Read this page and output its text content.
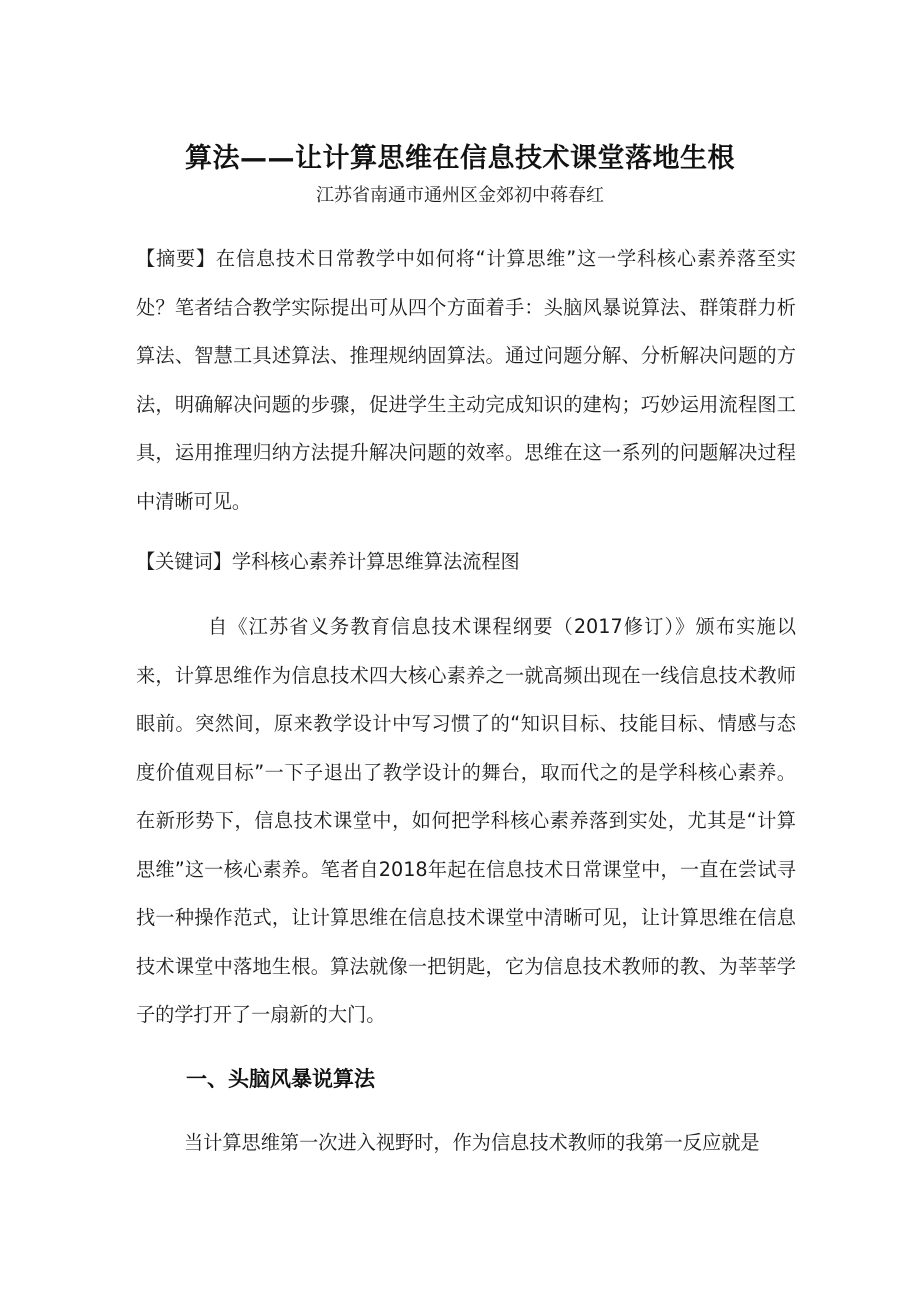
算法——让计算思维在信息技术课堂落地生根
江苏省南通市通州区金郊初中蒋春红

【摘要】在信息技术日常教学中如何将“计算思维”这一学科核心素养落至实处？笔者结合教学实际提出可从四个方面着手：头脑风暴说算法、群策群力析算法、智慧工具述算法、推理规纳固算法。通过问题分解、分析解决问题的方法，明确解决问题的步骤，促进学生主动完成知识的建构；巧妙运用流程图工具，运用推理归纳方法提升解决问题的效率。思维在这一系列的问题解决过程中清晰可见。

【关键词】学科核心素养计算思维算法流程图

自《江苏省义务教育信息技术课程纲要（2017修订）》颁布实施以来，计算思维作为信息技术四大核心素养之一就高频出现在一线信息技术教师眼前。突然间，原来教学设计中写习惯了的“知识目标、技能目标、情感与态度价值观目标”一下子退出了教学设计的舞台，取而代之的是学科核心素养。在新形势下，信息技术课堂中，如何把学科核心素养落到实处，尤其是“计算思维”这一核心素养。笔者自2018年起在信息技术日常课堂中，一直在尝试寻找一种操作范式，让计算思维在信息技术课堂中清晰可见，让计算思维在信息技术课堂中落地生根。算法就像一把钥匙，它为信息技术教师的教、为莘莘学子的学打开了一扇新的大门。

一、头脑风暴说算法

当计算思维第一次进入视野时，作为信息技术教师的我第一反应就是
